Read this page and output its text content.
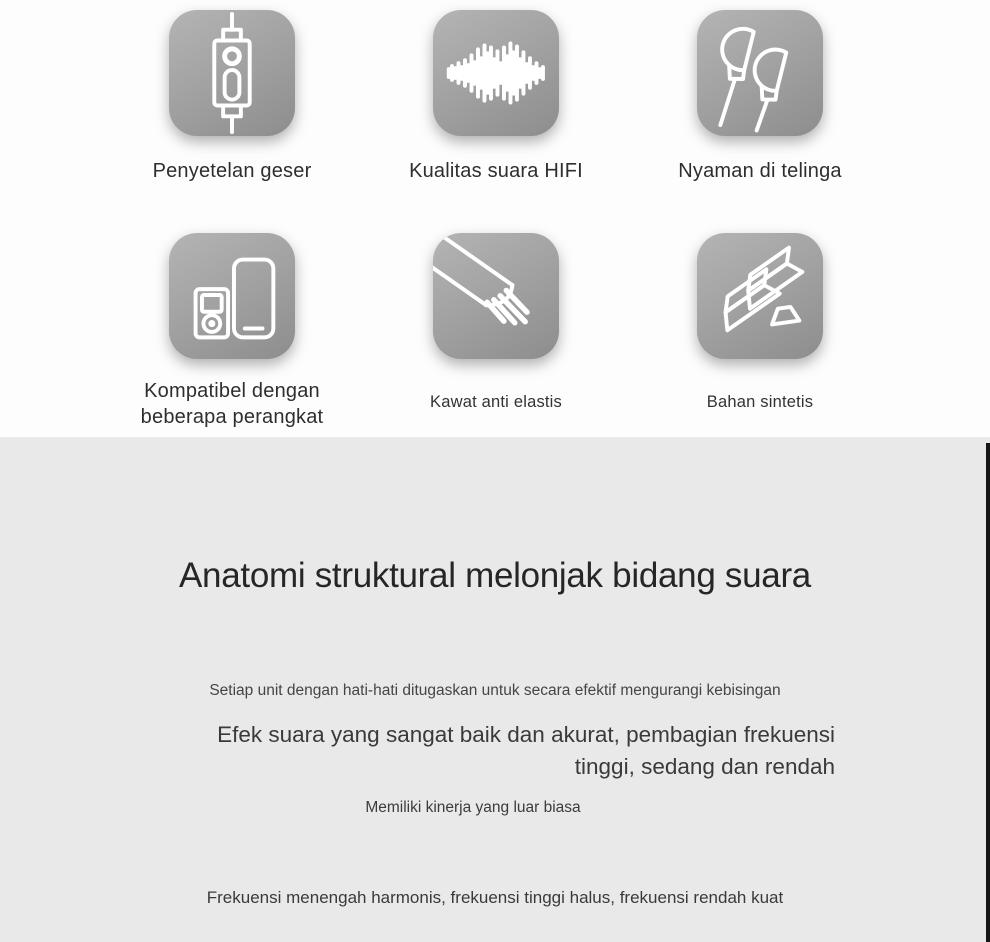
Penyetelan geser	Kualitas suara HIFI	Nyaman di telinga
Kompatibel dengan beberapa perangkat
Kawat anti elastis	Bahan sintetis
Anatomi struktural melonjak bidang suara

Setiap unit dengan hati-hati ditugaskan untuk secara efektif mengurangi kebisingan

Efek suara yang sangat baik dan akurat, pembagian frekuensi
tinggi, sedang dan rendah

Memiliki kinerja yang luar biasa

Frekuensi menengah harmonis, frekuensi tinggi halus, frekuensi rendah kuat
